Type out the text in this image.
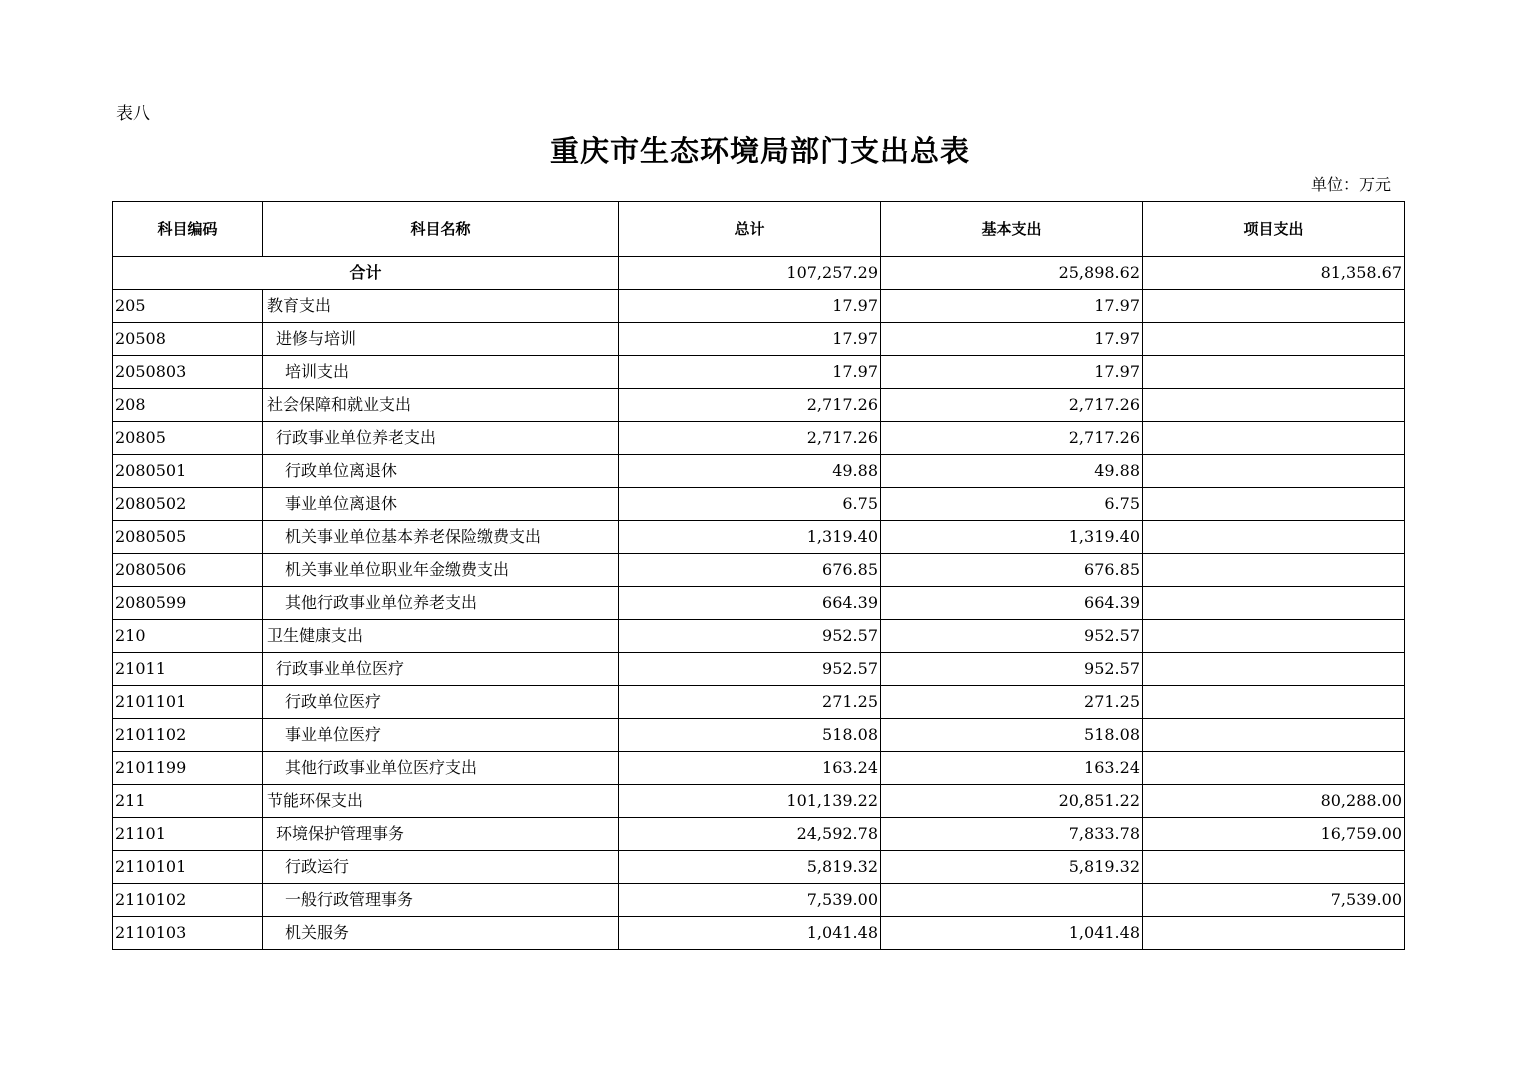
表八
重庆市生态环境局部门支出总表
单位：万元
科目编码	科目名称	总计	基本支出	项目支出
合计		107,257.29	25,898.62	81,358.67
205	教育支出	17.97	17.97	
20508	进修与培训	17.97	17.97	
2050803	培训支出	17.97	17.97	
208	社会保障和就业支出	2,717.26	2,717.26	
20805	行政事业单位养老支出	2,717.26	2,717.26	
2080501	行政单位离退休	49.88	49.88	
2080502	事业单位离退休	6.75	6.75	
2080505	机关事业单位基本养老保险缴费支出	1,319.40	1,319.40	
2080506	机关事业单位职业年金缴费支出	676.85	676.85	
2080599	其他行政事业单位养老支出	664.39	664.39	
210	卫生健康支出	952.57	952.57	
21011	行政事业单位医疗	952.57	952.57	
2101101	行政单位医疗	271.25	271.25	
2101102	事业单位医疗	518.08	518.08	
2101199	其他行政事业单位医疗支出	163.24	163.24	
211	节能环保支出	101,139.22	20,851.22	80,288.00
21101	环境保护管理事务	24,592.78	7,833.78	16,759.00
2110101	行政运行	5,819.32	5,819.32	
2110102	一般行政管理事务	7,539.00		7,539.00
2110103	机关服务	1,041.48	1,041.48	
